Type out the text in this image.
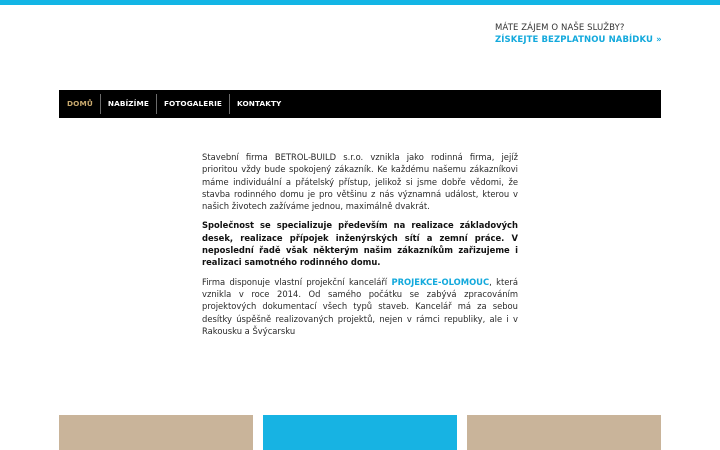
MÁTE ZÁJEM O NAŠE SLUŽBY?
ZÍSKEJTE BEZPLATNOU NABÍDKU »
DOMŮ	NABÍZÍME	FOTOGALERIE	KONTAKTY

Stavební firma BETROL-BUILD s.r.o. vznikla jako rodinná firma, jejíž prioritou vždy bude spokojený zákazník. Ke každému našemu zákazníkovi máme individuální a přátelský přístup, jelikož si jsme dobře vědomi, že stavba rodinného domu je pro většinu z nás významná událost, kterou v našich životech zažíváme jednou, maximálně dvakrát.

Společnost se specializuje především na realizace základových desek, realizace přípojek inženýrských sítí a zemní práce. V neposlední řadě však některým našim zákazníkům zařizujeme i realizaci samotného rodinného domu.

Firma disponuje vlastní projekční kanceláří PROJEKCE-OLOMOUC, která vznikla v roce 2014. Od samého počátku se zabývá zpracováním projektových dokumentací všech typů staveb. Kancelář má za sebou desítky úspěšně realizovaných projektů, nejen v rámci republiky, ale i v Rakousku a Švýcarsku
